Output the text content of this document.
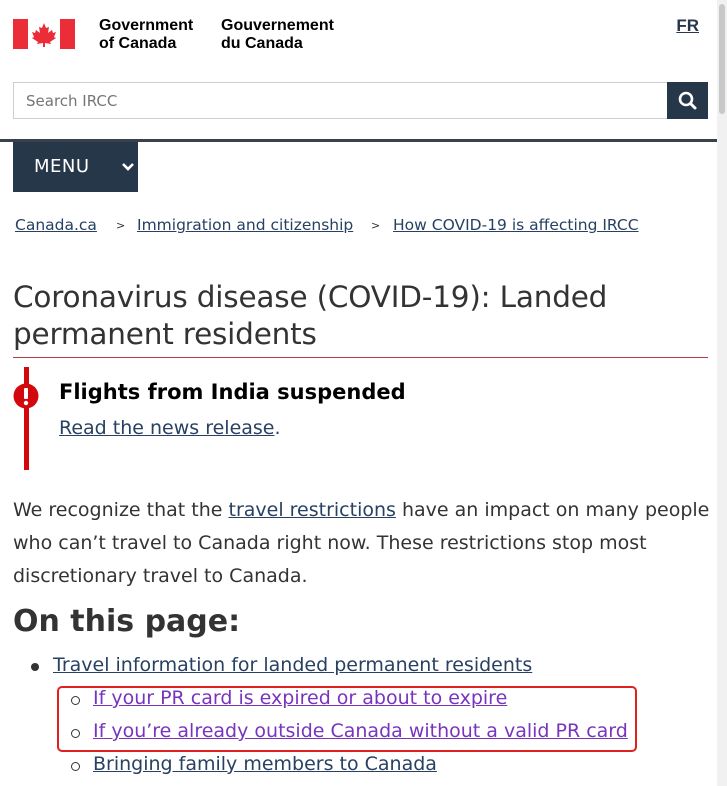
Government
of Canada
Gouvernement
du Canada
FR
Search IRCC
MENU
Canada.ca > Immigration and citizenship > How COVID-19 is affecting IRCC
Coronavirus disease (COVID-19): Landed
permanent residents
Flights from India suspended
Read the news release.

We recognize that the travel restrictions have an impact on many people who can’t travel to Canada right now. These restrictions stop most discretionary travel to Canada.

On this page:
Travel information for landed permanent residents
If your PR card is expired or about to expire
If you’re already outside Canada without a valid PR card
Bringing family members to Canada
